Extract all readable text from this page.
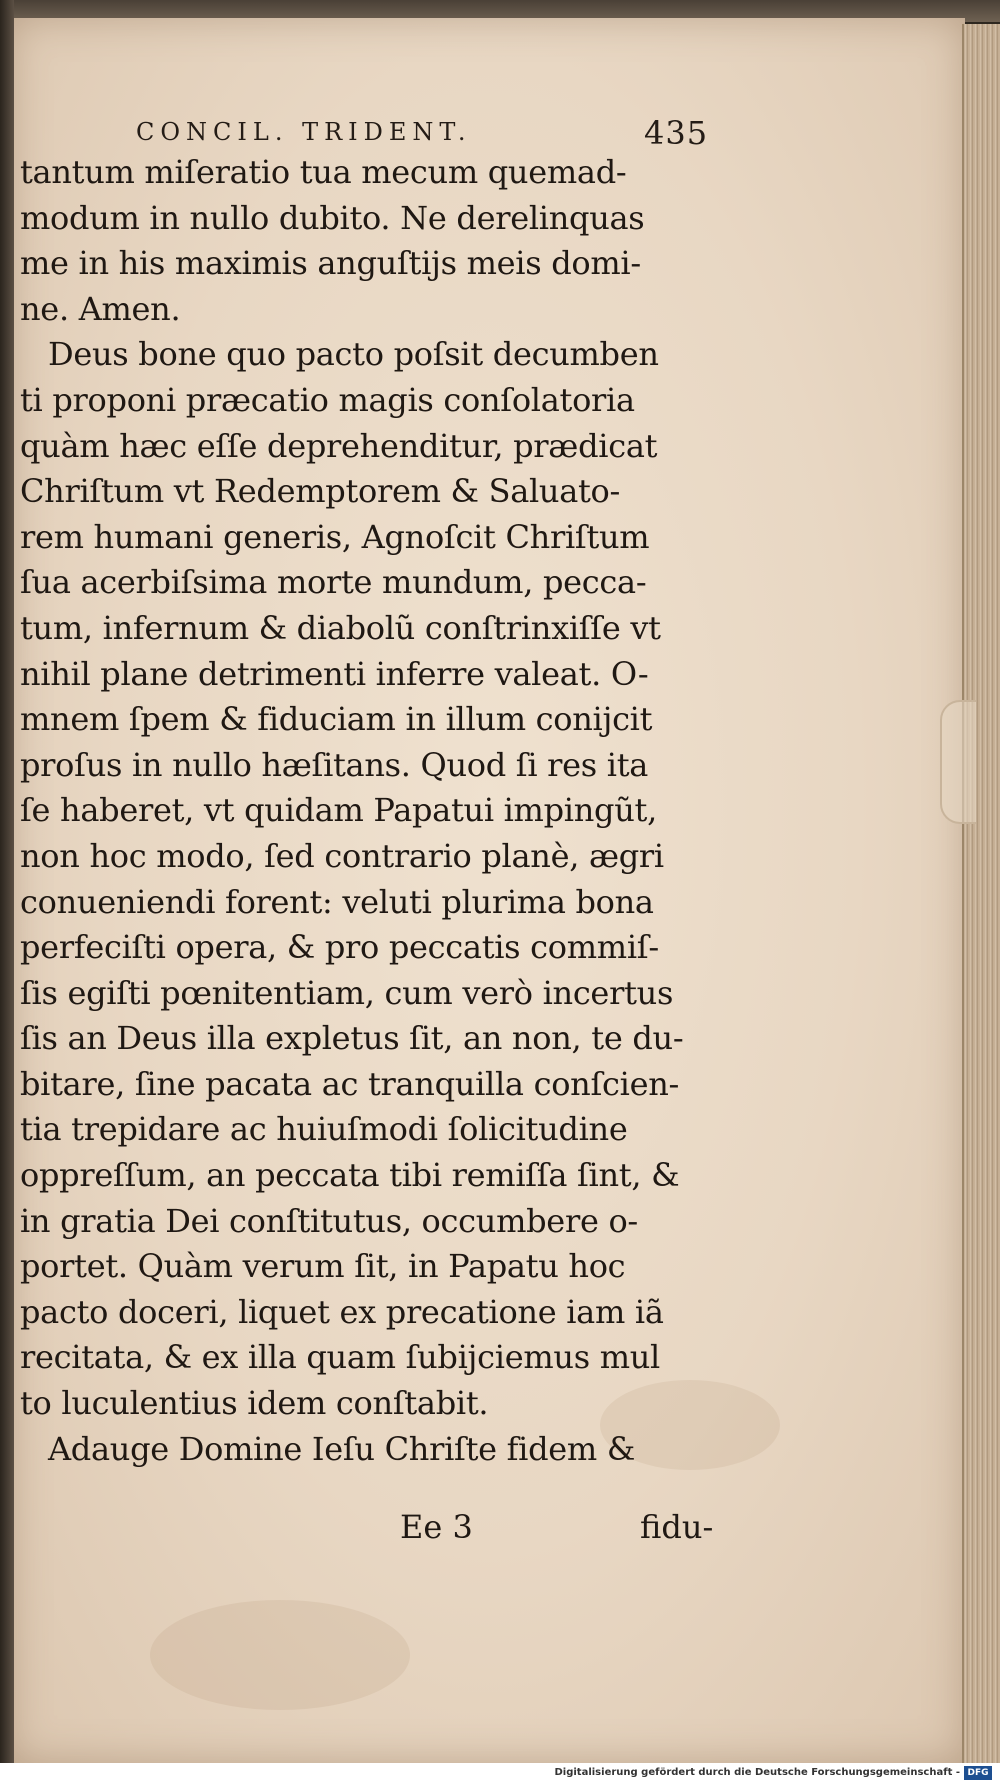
CONCIL. TRIDENT.	435
tantum miſeratio tua mecum quemad-
modum in nullo dubito. Ne derelinquas
me in his maximis anguſtijs meis domi-
ne. Amen.
Deus bone quo pacto poſsit decumben
ti proponi præcatio magis conſolatoria
quàm hæc eſſe deprehenditur, prædicat
Chriſtum vt Redemptorem & Saluato-
rem humani generis, Agnoſcit Chriſtum
ſua acerbiſsima morte mundum, pecca-
tum, infernum & diabolũ conſtrinxiſſe vt
nihil plane detrimenti inferre valeat. O-
mnem ſpem & fiduciam in illum conijcit
proſus in nullo hæſitans. Quod ſi res ita
ſe haberet, vt quidam Papatui impingũt,
non hoc modo, ſed contrario planè, ægri
conueniendi forent: veluti plurima bona
perfeciſti opera, & pro peccatis commiſ-
ſis egiſti pœnitentiam, cum verò incertus
ſis an Deus illa expletus ſit, an non, te du-
bitare, ſine pacata ac tranquilla conſcien-
tia trepidare ac huiuſmodi ſolicitudine
oppreſſum, an peccata tibi remiſſa ſint, &
in gratia Dei conſtitutus, occumbere o-
portet. Quàm verum ſit, in Papatu hoc
pacto doceri, liquet ex precatione iam iã
recitata, & ex illa quam ſubijciemus mul
to luculentius idem conſtabit.
Adauge Domine Ieſu Chriſte fidem &
Ee 3	fidu-
Digitalisierung gefördert durch die Deutsche Forschungsgemeinschaft - DFG
